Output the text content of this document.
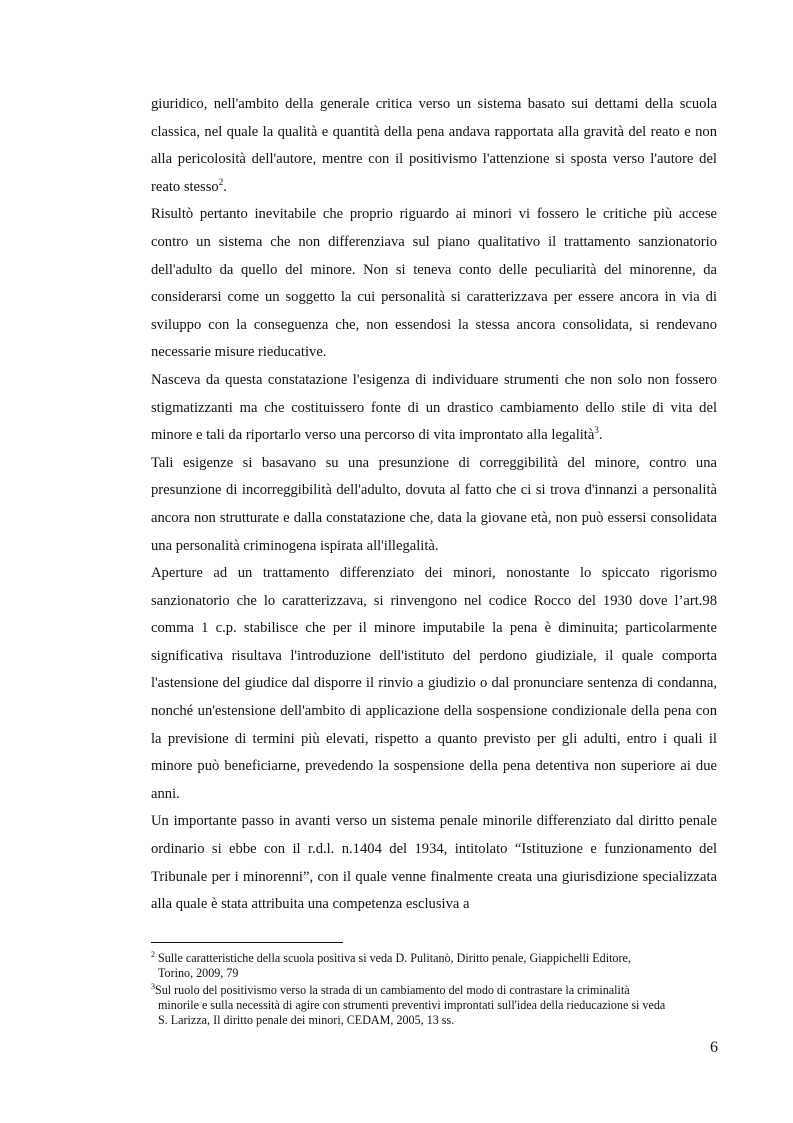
giuridico, nell'ambito della generale critica verso un sistema basato sui dettami della scuola classica, nel quale la qualità e quantità della pena andava rapportata alla gravità del reato e non alla pericolosità dell'autore, mentre con il positivismo l'attenzione si sposta verso l'autore del reato stesso$^2$.

Risultò pertanto inevitabile che proprio riguardo ai minori vi fossero le critiche più accese contro un sistema che non differenziava sul piano qualitativo il trattamento sanzionatorio dell'adulto da quello del minore. Non si teneva conto delle peculiarità del minorenne, da considerarsi come un soggetto la cui personalità si caratterizzava per essere ancora in via di sviluppo con la conseguenza che, non essendosi la stessa ancora consolidata, si rendevano necessarie misure rieducative.

Nasceva da questa constatazione l'esigenza di individuare strumenti che non solo non fossero stigmatizzanti ma che costituissero fonte di un drastico cambiamento dello stile di vita del minore e tali da riportarlo verso una percorso di vita improntato alla legalità$^3$.

Tali esigenze si basavano su una presunzione di correggibilità del minore, contro una presunzione di incorreggibilità dell'adulto, dovuta al fatto che ci si trova d'innanzi a personalità ancora non strutturate e dalla constatazione che, data la giovane età, non può essersi consolidata una personalità criminogena ispirata all'illegalità.

Aperture ad un trattamento differenziato dei minori, nonostante lo spiccato rigorismo sanzionatorio che lo caratterizzava, si rinvengono nel codice Rocco del 1930 dove l’art.98 comma 1 c.p. stabilisce che per il minore imputabile la pena è diminuita; particolarmente significativa risultava l'introduzione dell'istituto del perdono giudiziale, il quale comporta l'astensione del giudice dal disporre il rinvio a giudizio o dal pronunciare sentenza di condanna, nonché un'estensione dell'ambito di applicazione della sospensione condizionale della pena con la previsione di termini più elevati, rispetto a quanto previsto per gli adulti, entro i quali il minore può beneficiarne, prevedendo la sospensione della pena detentiva non superiore ai due anni.

Un importante passo in avanti verso un sistema penale minorile differenziato dal diritto penale ordinario si ebbe con il r.d.l. n.1404 del 1934, intitolato “Istituzione e funzionamento del Tribunale per i minorenni”, con il quale venne finalmente creata una giurisdizione specializzata alla quale è stata attribuita una competenza esclusiva a

$^2$ Sulle caratteristiche della scuola positiva si veda D. Pulitanò, Diritto penale, Giappichelli Editore,
Torino, 2009, 79
$^3$Sul ruolo del positivismo verso la strada di un cambiamento del modo di contrastare la criminalità
minorile e sulla necessità di agire con strumenti preventivi improntati sull'idea della rieducazione si veda
S. Larizza, Il diritto penale dei minori, CEDAM, 2005, 13 ss.
6
